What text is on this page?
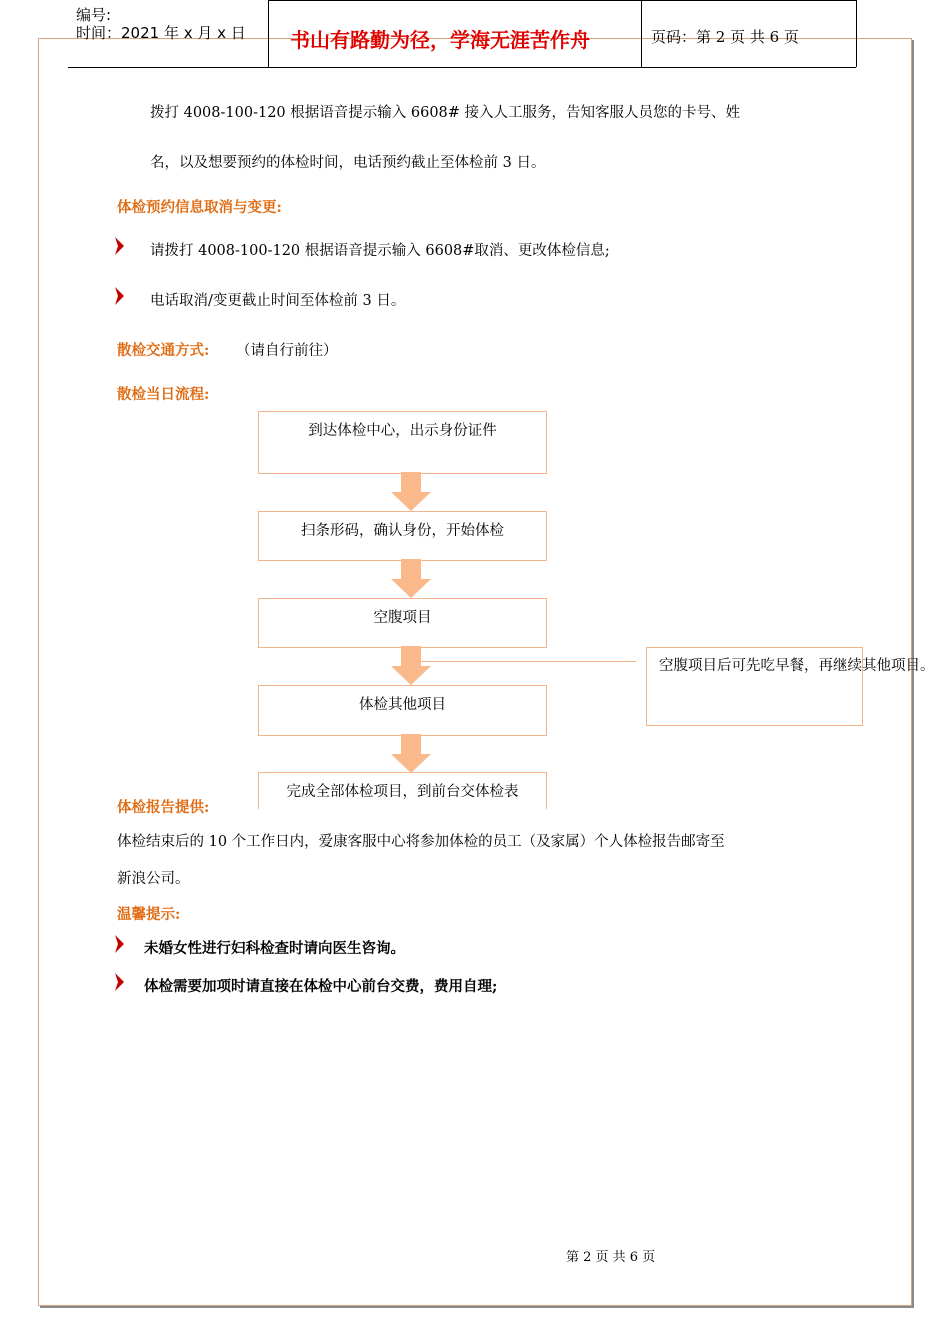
编号:
时间：2021 年 x 月 x 日 书山有路勤为径，学海无涯苦作舟	页码：第 2 页 共 6 页
拨打 4008-100-120 根据语音提示输入 6608# 接入人工服务，告知客服人员您的卡号、姓
名，以及想要预约的体检时间，电话预约截止至体检前 3 日。
体检预约信息取消与变更:
请拨打 4008-100-120 根据语音提示输入 6608#取消、更改体检信息;
电话取消/变更截止时间至体检前 3 日。
散检交通方式: （请自行前往）
散检当日流程:
到达体检中心，出示身份证件
扫条形码，确认身份，开始体检
空腹项目
体检其他项目
完成全部体检项目，到前台交体检表
空腹项目后可先吃早餐，再继续其他项目。
体检报告提供:
体检结束后的 10 个工作日内，爱康客服中心将参加体检的员工（及家属）个人体检报告邮寄至
新浪公司。
温馨提示:
未婚女性进行妇科检查时请向医生咨询。
体检需要加项时请直接在体检中心前台交费，费用自理;
第 2 页 共 6 页
